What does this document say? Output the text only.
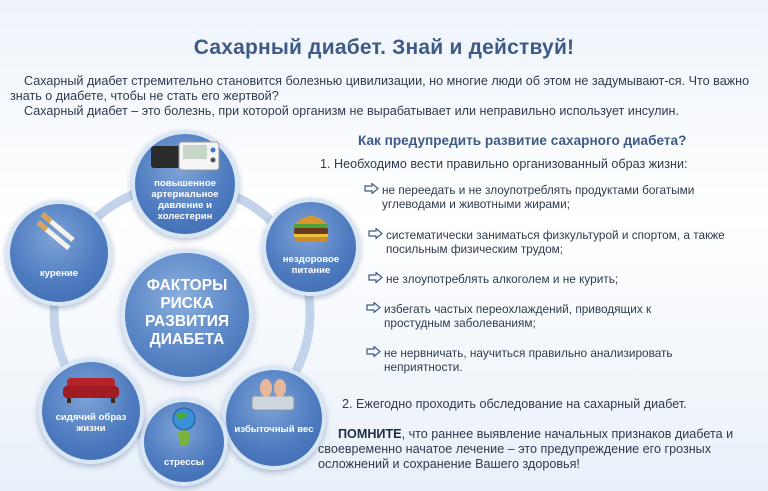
Сахарный диабет. Знай и действуй!

Сахарный диабет стремительно становится болезнью цивилизации, но многие люди об этом не задумывают-ся. Что важно знать о диабете, чтобы не стать его жертвой?

Сахарный диабет – это болезнь, при которой организм не вырабатывает или неправильно использует инсулин.

повышенное артериальное давление и холестерин
нездоровое питание
избыточный вес
стрессы
сидячий образ жизни
курение
ФАКТОРЫ РИСКА РАЗВИТИЯ ДИАБЕТА
Как предупредить развитие сахарного диабета?
1. Необходимо вести правильно организованный образ жизни:
не переедать и не злоупотреблять продуктами богатыми углеводами и животными жирами;
систематически заниматься физкультурой и спортом, а также посильным физическим трудом;
не злоупотреблять алкоголем и не курить;
избегать частых переохлаждений, приводящих к простудным заболеваниям;
не нервничать, научиться правильно анализировать неприятности.
2. Ежегодно проходить обследование на сахарный диабет.
ПОМНИТЕ, что раннее выявление начальных признаков диабета и своевременно начатое лечение – это предупреждение его грозных осложнений и сохранение Вашего здоровья!
